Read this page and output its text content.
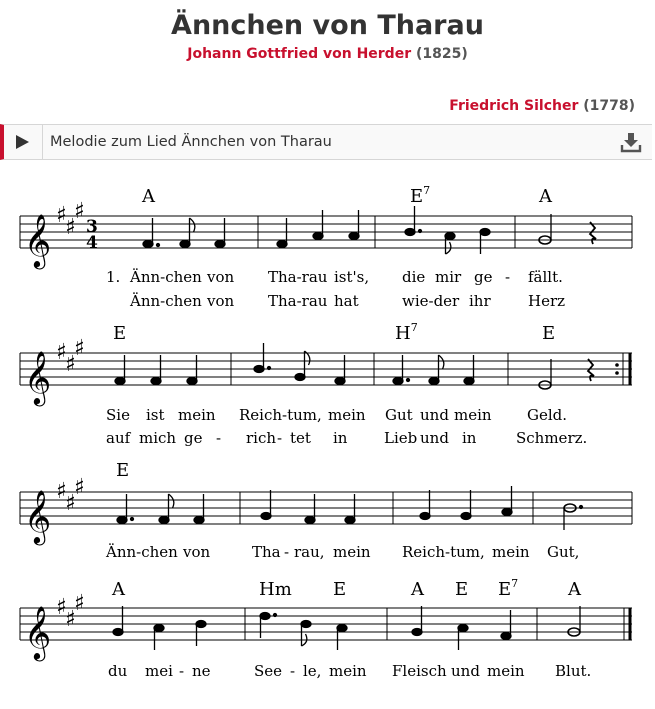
Ännchen von Tharau
Johann Gottfried von Herder (1825)
Friedrich Silcher (1778)
Melodie zum Lied Ännchen von Tharau
𝄞 ♯
♯
♯
3
4
A	$E^7$	A
1. Änn-chen von Tha-rau ist's, die mir ge - fällt.
Änn-chen von Tha-rau hat	wie-der ihr Herz
𝄞 ♯
♯
♯
E	$H^7$	E
Sie ist mein Reich-tum, mein Gut und mein Geld.
auf mich ge - rich - tet in Lieb und in	Schmerz.
𝄞 ♯
♯
♯
E
Änn-chen von	Tha - rau, mein Reich-tum, mein Gut,
𝄞 ♯
♯
♯
A	Hm E	A E $E^7$	A
du mei - ne	See - le, mein Fleisch und mein Blut.
